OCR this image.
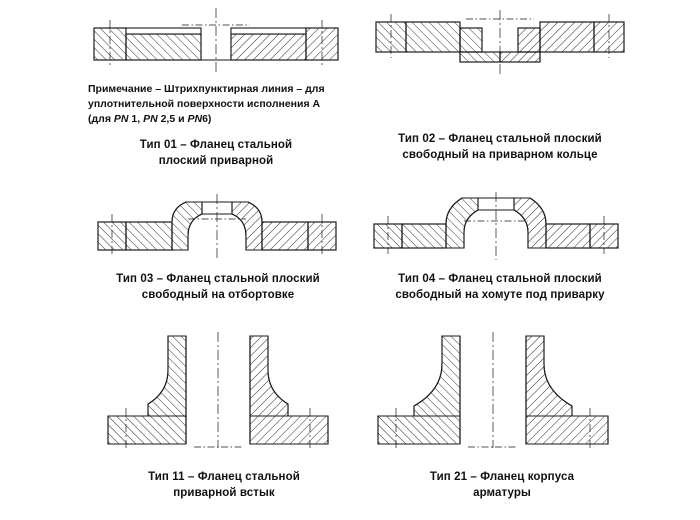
Примечание – Штрихпунктирная линия – для
уплотнительной поверхности исполнения А
(для PN 1, PN 2,5 и PN6)
Тип 01 – Фланец стальной
плоский приварной
Тип 02 – Фланец стальной плоский
свободный на приварном кольце
Тип 03 – Фланец стальной плоский
свободный на отбортовке
Тип 04 – Фланец стальной плоский
свободный на хомуте под приварку
Тип 11 – Фланец стальной
приварной встык
Тип 21 – Фланец корпуса
арматуры
